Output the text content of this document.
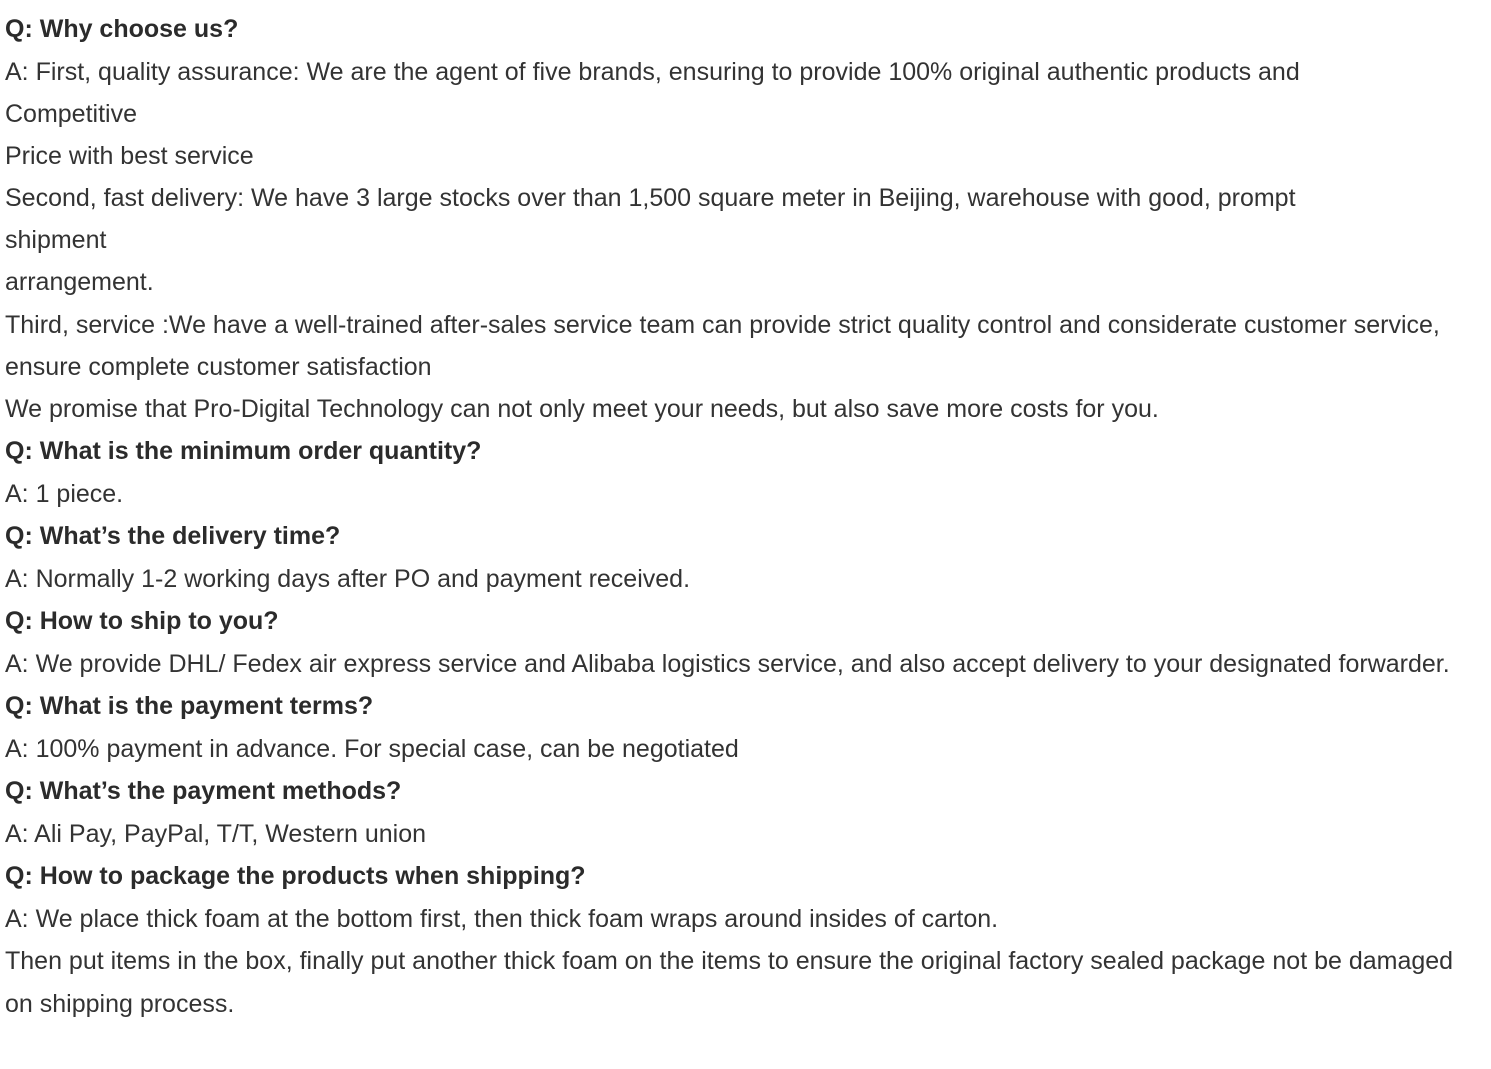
Q: Why choose us?

A: First, quality assurance: We are the agent of five brands, ensuring to provide 100% original authentic products and

Competitive

Price with best service

Second, fast delivery: We have 3 large stocks over than 1,500 square meter in Beijing, warehouse with good, prompt

shipment

arrangement.

Third, service :We have a well-trained after-sales service team can provide strict quality control and considerate customer service, ensure complete customer satisfaction

We promise that Pro-Digital Technology can not only meet your needs, but also save more costs for you.

Q: What is the minimum order quantity?

A: 1 piece.

Q: What’s the delivery time?

A: Normally 1-2 working days after PO and payment received.

Q: How to ship to you?

A: We provide DHL/ Fedex air express service and Alibaba logistics service, and also accept delivery to your designated forwarder.

Q: What is the payment terms?

A: 100% payment in advance. For special case, can be negotiated

Q: What’s the payment methods?

A: Ali Pay, PayPal, T/T, Western union

Q: How to package the products when shipping?

A: We place thick foam at the bottom first, then thick foam wraps around insides of carton.

Then put items in the box, finally put another thick foam on the items to ensure the original factory sealed package not be damaged on shipping process.
